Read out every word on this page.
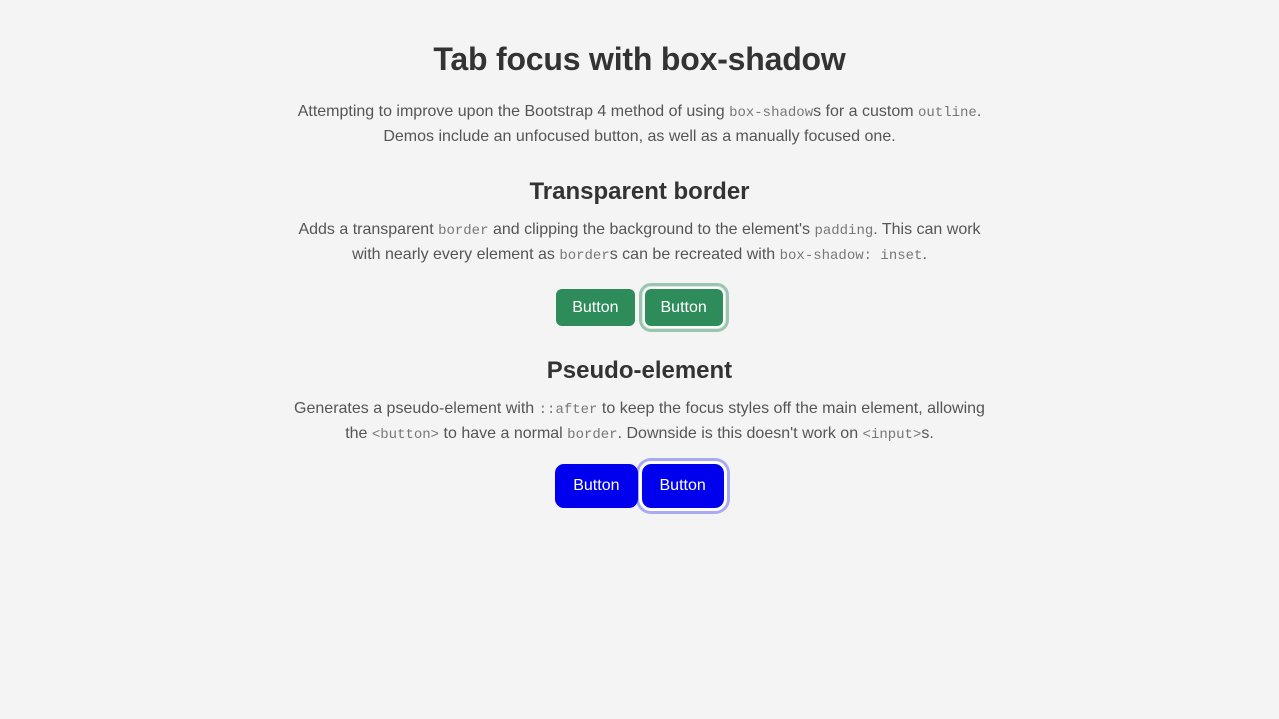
Tab focus with box-shadow

Attempting to improve upon the Bootstrap 4 method of using box-shadows for a custom outline. Demos include an unfocused button, as well as a manually focused one.

Transparent border

Adds a transparent border and clipping the background to the element's padding. This can work with nearly every element as borders can be recreated with box-shadow: inset.

Button	Button
Pseudo-element

Generates a pseudo-element with ::after to keep the focus styles off the main element, allowing the <button> to have a normal border. Downside is this doesn't work on <input>s.

Button	Button
